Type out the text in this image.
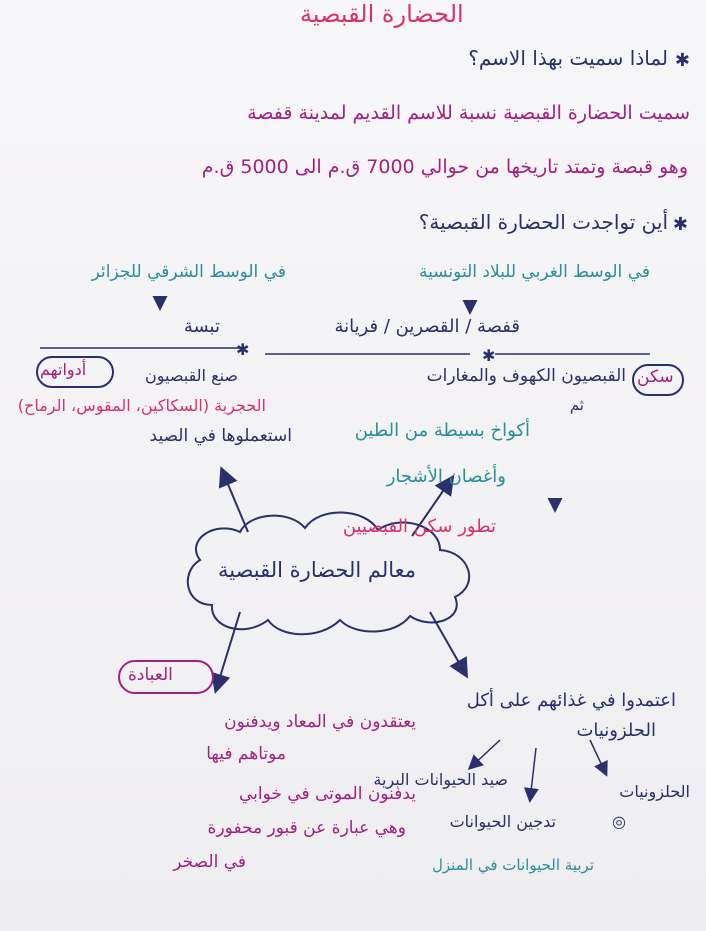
الحضارة القبصية
لماذا سميت بهذا الاسم؟ ✱
سميت الحضارة القبصية نسبة للاسم القديم لمدينة قفصة
وهو قبصة وتمتد تاريخها من حوالي 7000 ق.م الى 5000 ق.م
أين تواجدت الحضارة القبصية؟ ✱
في الوسط الغربي للبلاد التونسية
في الوسط الشرقي للجزائر
قفصة / القصرين / فريانة
تبسة
✱	✱
سكن
القبصيون الكهوف والمغارات
ثم
أكواخ بسيطة من الطين
وأغصان الأشجار
تطور سكن القبصيين
صنع القبصيون
أدواتهم
الحجرية (السكاكين، المقوس، الرماح)
استعملوها في الصيد
معالم الحضارة القبصية
العبادة
يعتقدون في المعاد ويدفنون
موتاهم فيها
يدفنون الموتى في خوابي
وهي عبارة عن قبور محفورة
في الصخر
اعتمدوا في غذائهم على أكل
الحلزونيات
الحلزونيات
◎
صيد الحيوانات البرية
تدجين الحيوانات
تربية الحيوانات في المنزل
